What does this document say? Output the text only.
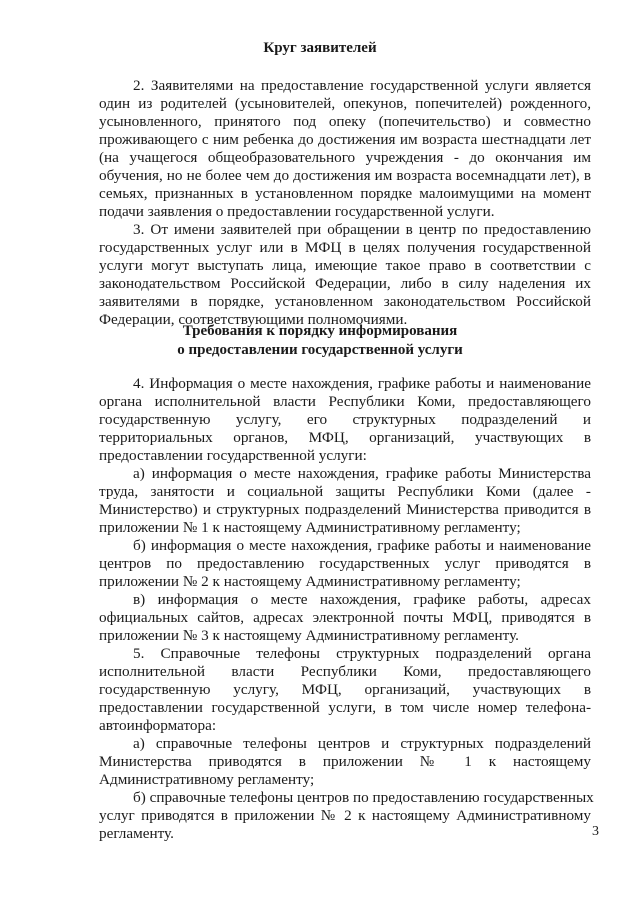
Круг заявителей
2. Заявителями на предоставление государственной услуги является
один из родителей (усыновителей, опекунов, попечителей) рожденного,
усыновленного, принятого под опеку (попечительство) и совместно
проживающего с ним ребенка до достижения им возраста шестнадцати лет
(на учащегося общеобразовательного учреждения - до окончания им
обучения, но не более чем до достижения им возраста восемнадцати лет), в
семьях, признанных в установленном порядке малоимущими на момент
подачи заявления о предоставлении государственной услуги.
3. От имени заявителей при обращении в центр по предоставлению
государственных услуг или в МФЦ в целях получения государственной
услуги могут выступать лица, имеющие такое право в соответствии с
законодательством Российской Федерации, либо в силу наделения их
заявителями в порядке, установленном законодательством Российской
Федерации, соответствующими полномочиями.
Требования к порядку информирования
о предоставлении государственной услуги
4. Информация о месте нахождения, графике работы и наименование
органа исполнительной власти Республики Коми, предоставляющего
государственную услугу, его структурных подразделений и
территориальных органов, МФЦ, организаций, участвующих в
предоставлении государственной услуги:
а) информация о месте нахождения, графике работы Министерства
труда, занятости и социальной защиты Республики Коми (далее -
Министерство) и структурных подразделений Министерства приводится в
приложении № 1 к настоящему Административному регламенту;
б) информация о месте нахождения, графике работы и наименование
центров по предоставлению государственных услуг приводятся в
приложении № 2 к настоящему Административному регламенту;
в) информация о месте нахождения, графике работы, адресах
официальных сайтов, адресах электронной почты МФЦ, приводятся в
приложении № 3 к настоящему Административному регламенту.
5. Справочные телефоны структурных подразделений органа
исполнительной власти Республики Коми, предоставляющего
государственную услугу, МФЦ, организаций, участвующих в
предоставлении государственной услуги, в том числе номер телефона-
автоинформатора:
а) справочные телефоны центров и структурных подразделений
Министерства приводятся в приложении № 1 к настоящему
Административному регламенту;
б) справочные телефоны центров по предоставлению государственных
услуг приводятся в приложении № 2 к настоящему Административному
регламенту.	3
